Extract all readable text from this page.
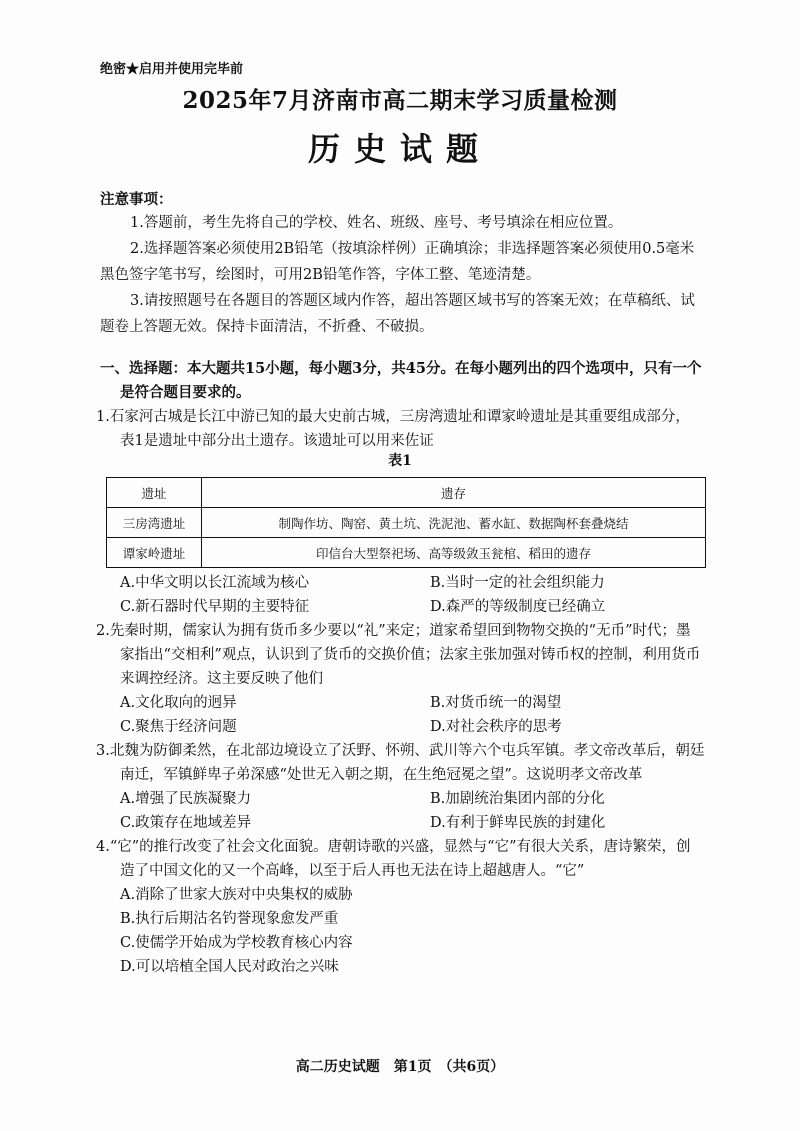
绝密★启用并使用完毕前
2025年7月济南市高二期末学习质量检测
历史试题
注意事项：
1.答题前，考生先将自己的学校、姓名、班级、座号、考号填涂在相应位置。
2.选择题答案必须使用2B铅笔（按填涂样例）正确填涂；非选择题答案必须使用0.5毫米
黑色签字笔书写，绘图时，可用2B铅笔作答，字体工整、笔迹清楚。
3.请按照题号在各题目的答题区域内作答，超出答题区域书写的答案无效；在草稿纸、试
题卷上答题无效。保持卡面清洁，不折叠、不破损。
一、选择题：本大题共15小题，每小题3分，共45分。在每小题列出的四个选项中，只有一个
是符合题目要求的。
1.石家河古城是长江中游已知的最大史前古城，三房湾遗址和谭家岭遗址是其重要组成部分，
表1是遗址中部分出土遗存。该遗址可以用来佐证
表1
遗址	遗存
三房湾遗址	制陶作坊、陶窑、黄土坑、洗泥池、蓄水缸、数据陶杯套叠烧结
谭家岭遗址	印信台大型祭祀场、高等级敛玉瓮棺、稻田的遗存
A.中华文明以长江流域为核心	B.当时一定的社会组织能力
C.新石器时代早期的主要特征	D.森严的等级制度已经确立
2.先秦时期，儒家认为拥有货币多少要以“礼”来定；道家希望回到物物交换的“无币”时代；墨
家指出“交相利”观点，认识到了货币的交换价值；法家主张加强对铸币权的控制，利用货币
来调控经济。这主要反映了他们
A.文化取向的迥异	B.对货币统一的渴望
C.聚焦于经济问题	D.对社会秩序的思考
3.北魏为防御柔然，在北部边境设立了沃野、怀朔、武川等六个屯兵军镇。孝文帝改革后，朝廷
南迁，军镇鲜卑子弟深感“处世无入朝之期，在生绝冠冕之望”。这说明孝文帝改革
A.增强了民族凝聚力	B.加剧统治集团内部的分化
C.政策存在地域差异	D.有利于鲜卑民族的封建化
4.“它”的推行改变了社会文化面貌。唐朝诗歌的兴盛，显然与“它”有很大关系，唐诗繁荣，创
造了中国文化的又一个高峰，以至于后人再也无法在诗上超越唐人。“它”
A.消除了世家大族对中央集权的威胁
B.执行后期沽名钓誉现象愈发严重
C.使儒学开始成为学校教育核心内容
D.可以培植全国人民对政治之兴味
高二历史试题　第1页　（共6页）
